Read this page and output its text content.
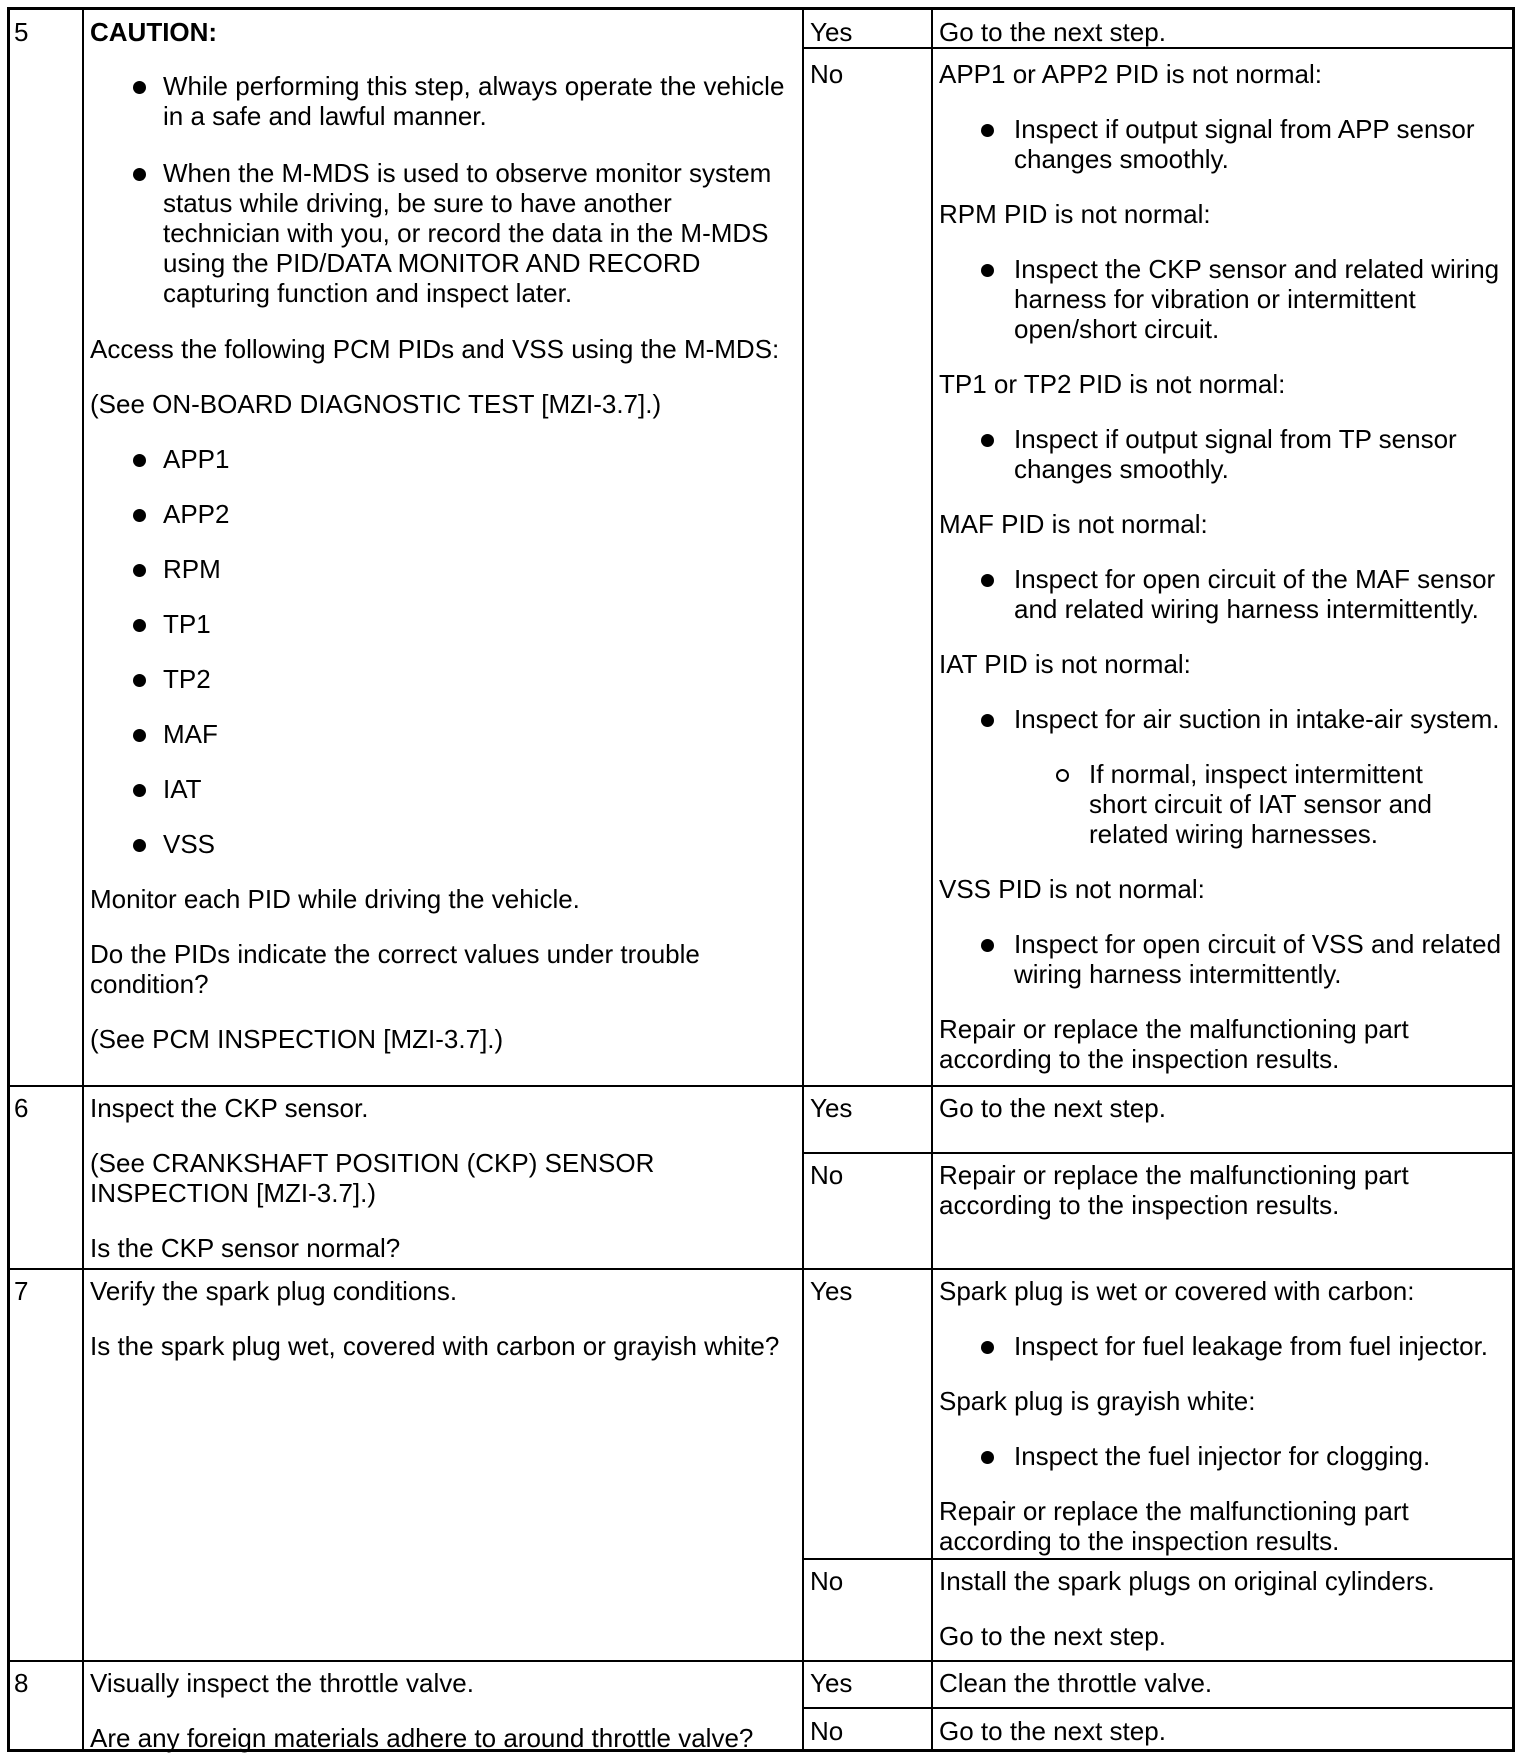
5 CAUTION:
While performing this step, always operate the vehicle in a safe and lawful manner.
When the M-MDS is used to observe monitor system status while driving, be sure to have another technician with you, or record the data in the M-MDS using the PID/DATA MONITOR AND RECORD capturing function and inspect later.
Access the following PCM PIDs and VSS using the M-MDS:
(See ON-BOARD DIAGNOSTIC TEST [MZI-3.7].)
APP1
APP2
RPM
TP1
TP2
MAF
IAT
VSS
Monitor each PID while driving the vehicle.
Do the PIDs indicate the correct values under trouble condition?
(See PCM INSPECTION [MZI-3.7].)
Yes	Go to the next step.
No	APP1 or APP2 PID is not normal:
Inspect if output signal from APP sensor changes smoothly.
RPM PID is not normal:
Inspect the CKP sensor and related wiring harness for vibration or intermittent open/short circuit.
TP1 or TP2 PID is not normal:
Inspect if output signal from TP sensor changes smoothly.
MAF PID is not normal:
Inspect for open circuit of the MAF sensor and related wiring harness intermittently.
IAT PID is not normal:
Inspect for air suction in intake-air system.
If normal, inspect intermittent short circuit of IAT sensor and related wiring harnesses.
VSS PID is not normal:
Inspect for open circuit of VSS and related wiring harness intermittently.
Repair or replace the malfunctioning part according to the inspection results.
6 Inspect the CKP sensor.
(See CRANKSHAFT POSITION (CKP) SENSOR INSPECTION [MZI-3.7].)
Is the CKP sensor normal?
Yes	Go to the next step.
No	Repair or replace the malfunctioning part according to the inspection results.
7 Verify the spark plug conditions.
Is the spark plug wet, covered with carbon or grayish white?
Yes	Spark plug is wet or covered with carbon:
Inspect for fuel leakage from fuel injector.
Spark plug is grayish white:
Inspect the fuel injector for clogging.
Repair or replace the malfunctioning part according to the inspection results.
No	Install the spark plugs on original cylinders.
Go to the next step.
8 Visually inspect the throttle valve.
Are any foreign materials adhere to around throttle valve?
Yes	Clean the throttle valve.
No	Go to the next step.
